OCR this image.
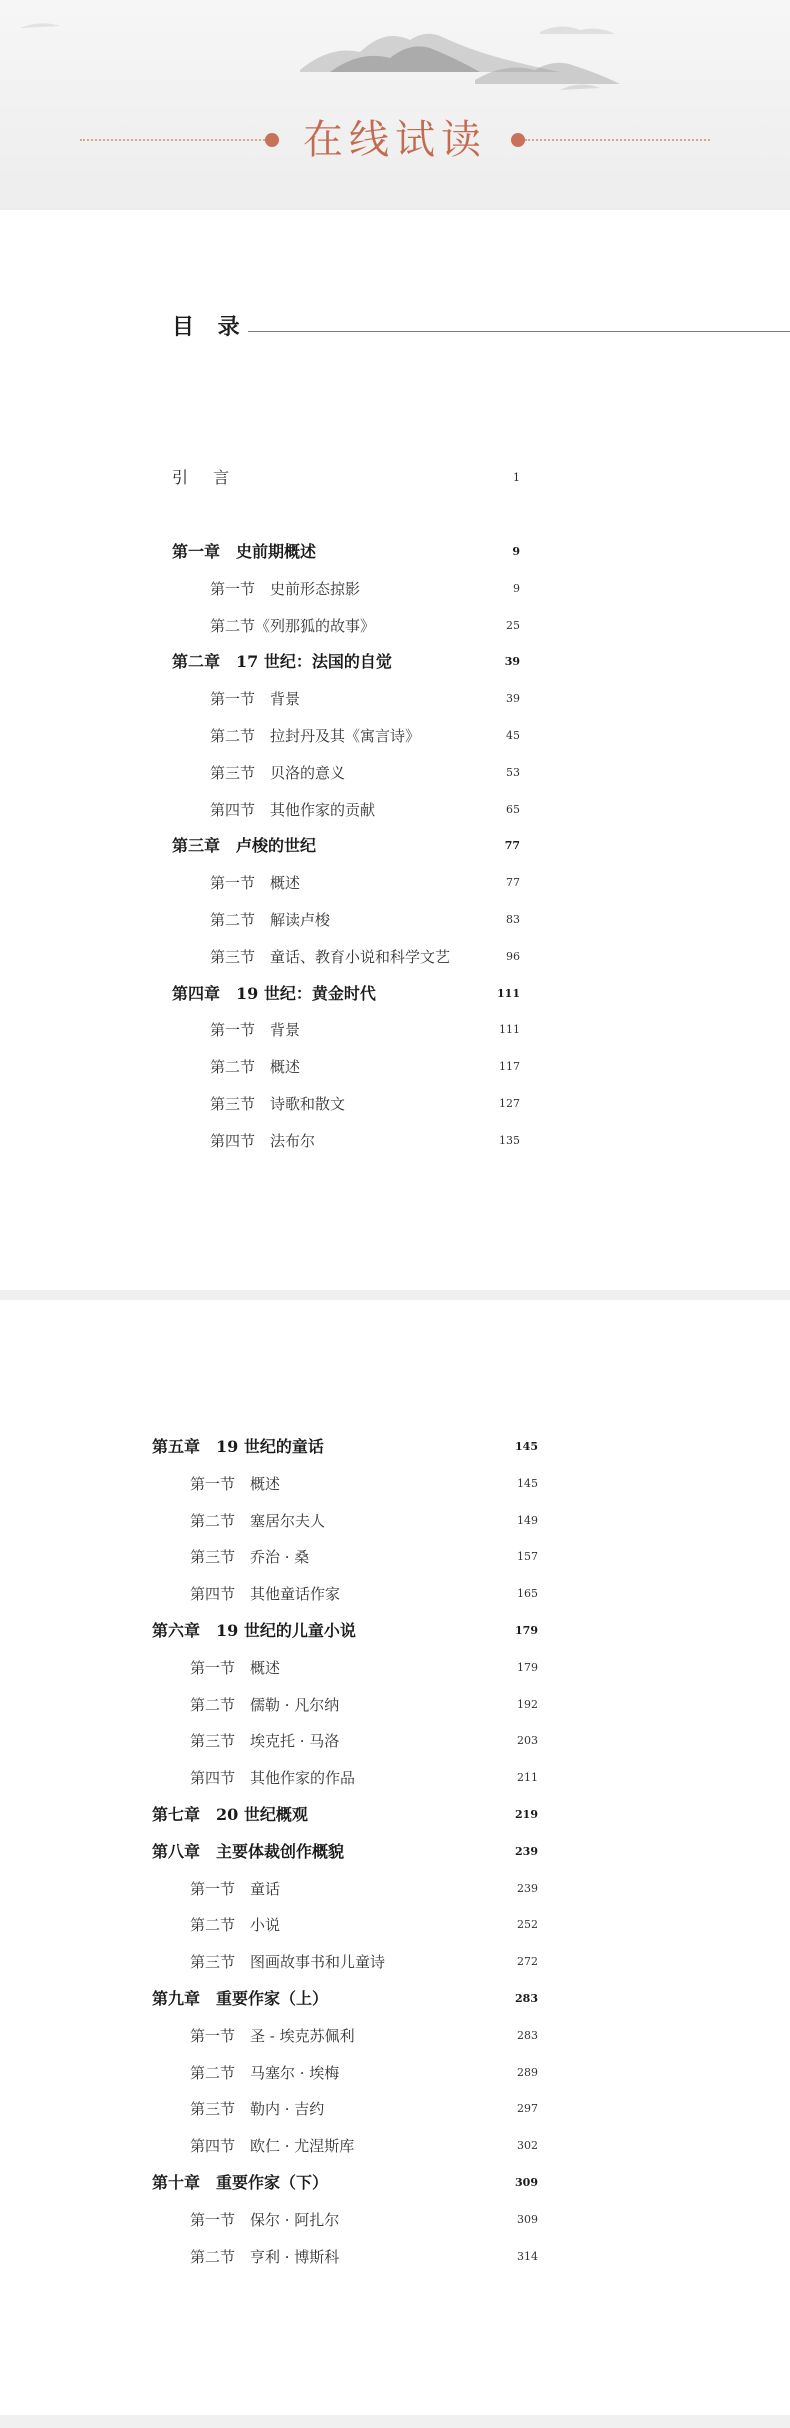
在线试读
目 录
引 言	1
第一章　史前期概述	9
第一节　史前形态掠影	9
第二节《列那狐的故事》	25
第二章　17 世纪：法国的自觉	39
第一节　背景	39
第二节　拉封丹及其《寓言诗》	45
第三节　贝洛的意义	53
第四节　其他作家的贡献	65
第三章　卢梭的世纪	77
第一节　概述	77
第二节　解读卢梭	83
第三节　童话、教育小说和科学文艺	96
第四章　19 世纪：黄金时代	111
第一节　背景	111
第二节　概述	117
第三节　诗歌和散文	127
第四节　法布尔	135
第五章　19 世纪的童话	145
第一节　概述	145
第二节　塞居尔夫人	149
第三节　乔治 · 桑	157
第四节　其他童话作家	165
第六章　19 世纪的儿童小说	179
第一节　概述	179
第二节　儒勒 · 凡尔纳	192
第三节　埃克托 · 马洛	203
第四节　其他作家的作品	211
第七章　20 世纪概观	219
第八章　主要体裁创作概貌	239
第一节　童话	239
第二节　小说	252
第三节　图画故事书和儿童诗	272
第九章　重要作家（上）	283
第一节　圣 - 埃克苏佩利	283
第二节　马塞尔 · 埃梅	289
第三节　勒内 · 吉约	297
第四节　欧仁 · 尤涅斯库	302
第十章　重要作家（下）	309
第一节　保尔 · 阿扎尔	309
第二节　亨利 · 博斯科	314
